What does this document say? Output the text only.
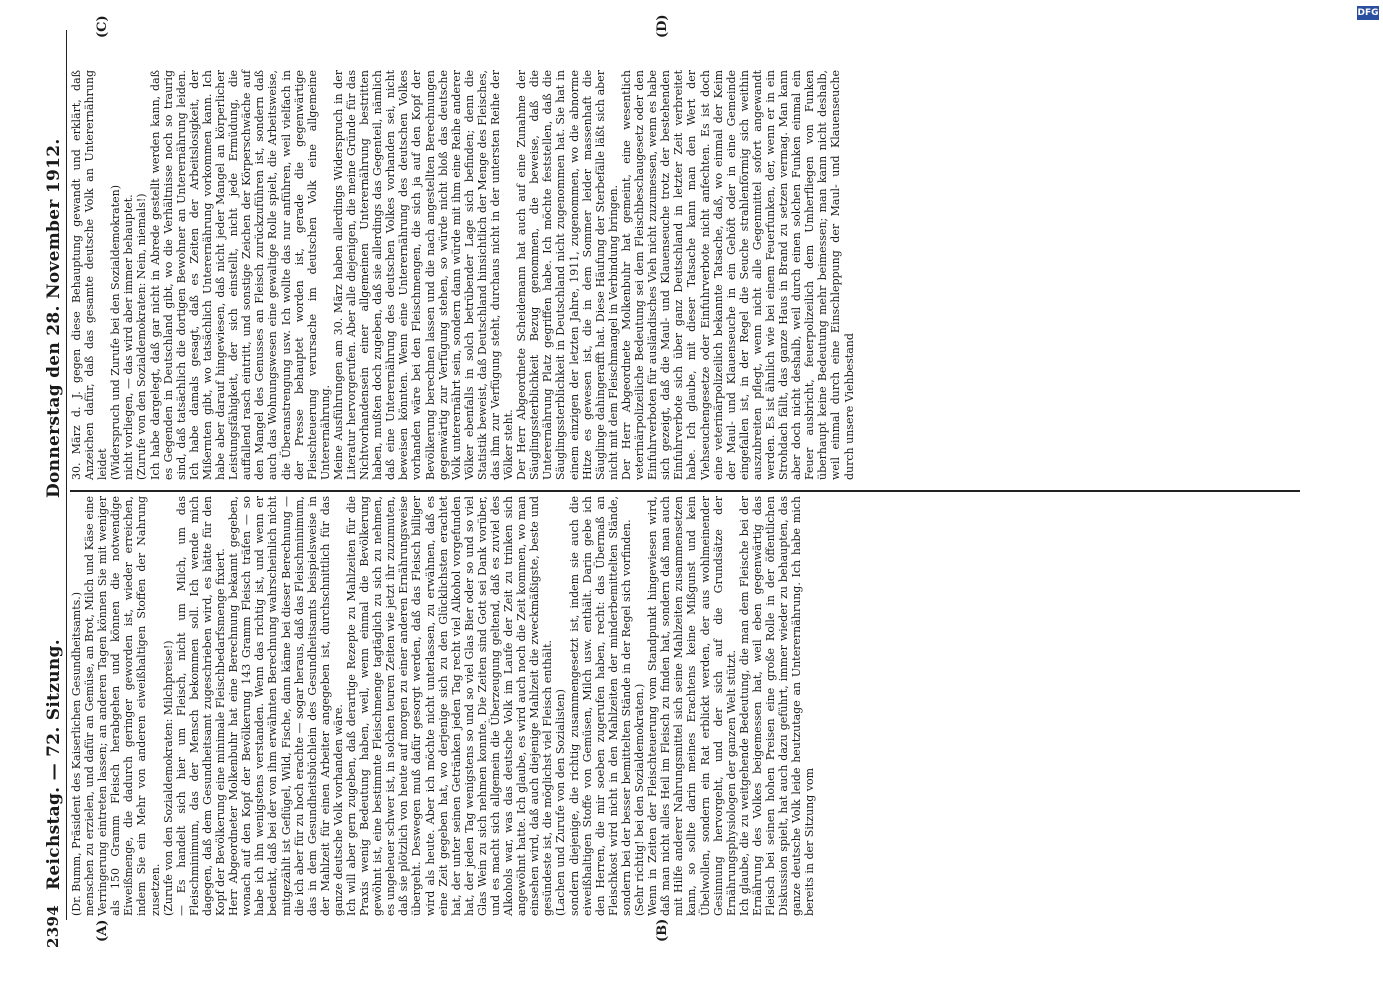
2394
Reichstag. — 72. Sitzung.
Donnerstag den 28. November 1912.
(A)	(B)
(C)	(D)

(Dr. Bumm, Präsident des Kaiserlichen Gesundheitsamts.) menschen zu erzielen, und dafür an Gemüse, an Brot, Milch und Käse eine Verringerung eintreten lassen; an anderen Tagen können Sie mit weniger als 150 Gramm Fleisch herabgehen und können die notwendige Eiweißmenge, die dadurch geringer geworden ist, wieder erreichen, indem Sie ein Mehr von anderen eiweißhaltigen Stoffen der Nahrung zusetzen. (Zurufe von den Sozialdemokraten: Milchpreise!) — Es handelt sich hier um Fleisch, nicht um Milch, um das Fleischminimum, das der Mensch bekommen soll. Ich wende mich dagegen, daß dem Gesundheitsamt zugeschrieben wird, es hätte für den Kopf der Bevölkerung eine minimale Fleischbedarfsmenge fixiert. Herr Abgeordneter Molkenbuhr hat eine Berechnung bekannt gegeben, wonach auf den Kopf der Bevölkerung 143 Gramm Fleisch träfen — so habe ich ihn wenigstens verstanden. Wenn das richtig ist, und wenn er bedenkt, daß bei der von ihm erwähnten Berechnung wahrscheinlich nicht mitgezählt ist Geflügel, Wild, Fische, dann käme bei dieser Berechnung — die ich aber für zu hoch erachte — sogar heraus, daß das Fleischminimum, das in dem Gesundheitsbüchlein des Gesundheitsamts beispielsweise in der Mahlzeit für einen Arbeiter angegeben ist, durchschnittlich für das ganze deutsche Volk vorhanden wäre. Ich will aber gern zugeben, daß derartige Rezepte zu Mahlzeiten für die Praxis wenig Bedeutung haben, weil, wenn einmal die Bevölkerung gewöhnt ist, eine bestimmte Fleischmenge tagtäglich zu sich zu nehmen, es ungeheuer schwer ist, in solchen teuren Zeiten wie jetzt ihr zuzumuten, daß sie plötzlich von heute auf morgen zu einer anderen Ernährungsweise übergeht. Deswegen muß dafür gesorgt werden, daß das Fleisch billiger wird als heute. Aber ich möchte nicht unterlassen, zu erwähnen, daß es eine Zeit gegeben hat, wo derjenige sich zu den Glücklichsten erachtet hat, der unter seinen Getränken jeden Tag recht viel Alkohol vorgefunden hat, der jeden Tag wenigstens so und so viel Glas Bier oder so und so viel Glas Wein zu sich nehmen konnte. Die Zeiten sind Gott sei Dank vorüber, und es macht sich allgemein die Überzeugung geltend, daß es zuviel des Alkohols war, was das deutsche Volk im Laufe der Zeit zu trinken sich angewöhnt hatte. Ich glaube, es wird auch noch die Zeit kommen, wo man einsehen wird, daß auch diejenige Mahlzeit die zweckmäßigste, beste und gesündeste ist, die möglichst viel Fleisch enthält. (Lachen und Zurufe von den Sozialisten) sondern diejenige, die richtig zusammengesetzt ist, indem sie auch die eiweißhaltigen Stoffe von Gemüsen, Milch usw. enthält. Darin gebe ich den Herren, die mir soeben zugerufen haben, recht: das Übermaß an Fleischkost wird nicht in den Mahlzeiten der minderbemittelten Stände, sondern bei der besser bemittelten Stände in der Regel sich vorfinden. (Sehr richtig! bei den Sozialdemokraten.) Wenn in Zeiten der Fleischteuerung vom Standpunkt hingewiesen wird, daß man nicht alles Heil im Fleisch zu finden hat, sondern daß man auch mit Hilfe anderer Nahrungsmittel sich seine Mahlzeiten zusammensetzen kann, so sollte darin meines Erachtens keine Mißgunst und kein Übelwollen, sondern ein Rat erblickt werden, der aus wohlmeinender Gesinnung hervorgeht, und der sich auf die Grundsätze der Ernährungsphysiologen der ganzen Welt stützt. Ich glaube, die zu weitgehende Bedeutung, die man dem Fleische bei der Ernährung des Volkes beigemessen hat, weil eben gegenwärtig das Fleisch bei seinen hohen Preisen eine große Rolle in der öffentlichen Diskussion spielt, hat auch dazu geführt, immer wieder zu behaupten, das ganze deutsche Volk leide heutzutage an Unterernährung. Ich habe mich bereits in der Sitzung vom

30. März d. J. gegen diese Behauptung gewandt und erklärt, daß Anzeichen dafür, daß das gesamte deutsche Volk an Unterernährung leidet (Widerspruch und Zurufe bei den Sozialdemokraten) nicht vorliegen, — das wird aber immer behauptet. (Zurufe von den Sozialdemokraten: Nein, niemals!) Ich habe dargelegt, daß gar nicht in Abrede gestellt werden kann, daß es Gegenden in Deutschland gibt, wo die Verhältnisse noch so traurig sind, daß tatsächlich die dortigen Bewohner an Unterernährung leiden. Ich habe damals gesagt, daß es Zeiten der Arbeitslosigkeit, der Mißernten gibt, wo tatsächlich Unterernährung vorkommen kann. Ich habe aber darauf hingewiesen, daß nicht jeder Mangel an körperlicher Leistungsfähigkeit, der sich einstellt, nicht jede Ermüdung, die auffallend rasch eintritt, und sonstige Zeichen der Körperschwäche auf den Mangel des Genusses an Fleisch zurückzuführen ist, sondern daß auch das Wohnungswesen eine gewaltige Rolle spielt, die Arbeitsweise, die Überanstrengung usw. Ich wollte das nur anführen, weil vielfach in der Presse behauptet worden ist, gerade die gegenwärtige Fleischteuerung verursache im deutschen Volk eine allgemeine Unterernährung. Meine Ausführungen am 30. März haben allerdings Widerspruch in der Literatur hervorgerufen. Aber alle diejenigen, die meine Gründe für das Nichtvorhandensein einer allgemeinen Unterernährung bestritten haben, mußten doch zugeben, daß sie allerdings das Gegenteil, nämlich daß eine Unterernährung des deutschen Volkes vorhanden sei, nicht beweisen könnten. Wenn eine Unterernährung des deutschen Volkes vorhanden wäre bei den Fleischmengen, die sich ja auf den Kopf der Bevölkerung berechnen lassen und die nach angestellten Berechnungen gegenwärtig zur Verfügung stehen, so würde nicht bloß das deutsche Volk unterernährt sein, sondern dann würde mit ihm eine Reihe anderer Völker ebenfalls in solch betrübender Lage sich befinden; denn die Statistik beweist, daß Deutschland hinsichtlich der Menge des Fleisches, das ihm zur Verfügung steht, durchaus nicht in der untersten Reihe der Völker steht. Der Herr Abgeordnete Scheidemann hat auch auf eine Zunahme der Säuglingssterblichkeit Bezug genommen, die beweise, daß die Unterernährung Platz gegriffen habe. Ich möchte feststellen, daß die Säuglingssterblichkeit in Deutschland nicht zugenommen hat. Sie hat in einem einzigen der letzten Jahre, 1911, zugenommen, wo die abnorme Hitze es gewesen ist, die in dem Sommer leider massenhaft die Säuglinge dahingerafft hat. Diese Häufung der Sterbefälle läßt sich aber nicht mit dem Fleischmangel in Verbindung bringen. Der Herr Abgeordnete Molkenbuhr hat gemeint, eine wesentlich veterinärpolizeiliche Bedeutung sei dem Fleischbeschaugesetz oder den Einfuhrverboten für ausländisches Vieh nicht zuzumessen, wenn es habe sich gezeigt, daß die Maul- und Klauenseuche trotz der bestehenden Einfuhrverbote sich über ganz Deutschland in letzter Zeit verbreitet habe. Ich glaube, mit dieser Tatsache kann man den Wert der Viehseuchengesetze oder Einfuhrverbote nicht anfechten. Es ist doch eine veterinärpolizeilich bekannte Tatsache, daß, wo einmal der Keim der Maul- und Klauenseuche in ein Gehöft oder in eine Gemeinde eingefallen ist, in der Regel die Seuche strahlenförmig sich weithin auszubreiten pflegt, wenn nicht alle Gegenmittel sofort angewandt werden. Es ist ähnlich wie bei einem Feuerfunken, der, wenn er in ein Strohdach fällt, das ganze Haus in Brand zu setzen vermag. Man kann aber doch nicht deshalb, weil durch einen solchen Funken einmal ein Feuer ausbricht, feuerpolizeilich dem Umherfliegen von Funken überhaupt keine Bedeutung mehr beimessen; man kann nicht deshalb, weil einmal durch eine Einschleppung der Maul- und Klauenseuche durch unsere Viehbestand

DFG
